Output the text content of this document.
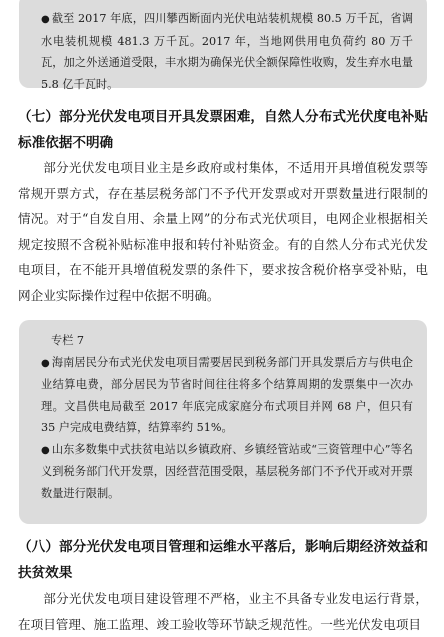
● 截至 2017 年底，四川攀西断面内光伏电站装机规模 80.5 万千瓦，省调水电装机规模 481.3 万千瓦。2017 年，当地网供用电负荷约 80 万千瓦，加之外送通道受限，丰水期为确保光伏全额保障性收购，发生弃水电量 5.8 亿千瓦时。

（七）部分光伏发电项目开具发票困难，自然人分布式光伏度电补贴标准依据不明确

部分光伏发电项目业主是乡政府或村集体，不适用开具增值税发票等常规开票方式，存在基层税务部门不予代开发票或对开票数量进行限制的情况。对于“自发自用、余量上网”的分布式光伏项目，电网企业根据相关规定按照不含税补贴标准申报和转付补贴资金。有的自然人分布式光伏发电项目，在不能开具增值税发票的条件下，要求按含税价格享受补贴，电网企业实际操作过程中依据不明确。

专栏 7

● 海南居民分布式光伏发电项目需要居民到税务部门开具发票后方与供电企业结算电费，部分居民为节省时间往往将多个结算周期的发票集中一次办理。文昌供电局截至 2017 年底完成家庭分布式项目并网 68 户，但只有 35 户完成电费结算，结算率约 51%。

● 山东多数集中式扶贫电站以乡镇政府、乡镇经管站或“三资管理中心”等名义到税务部门代开发票，因经营范围受限，基层税务部门不予代开或对开票数量进行限制。

（八）部分光伏发电项目管理和运维水平落后，影响后期经济效益和扶贫效果

部分光伏发电项目建设管理不严格，业主不具备专业发电运行背景，在项目管理、施工监理、竣工验收等环节缺乏规范性。一些光伏发电项目
